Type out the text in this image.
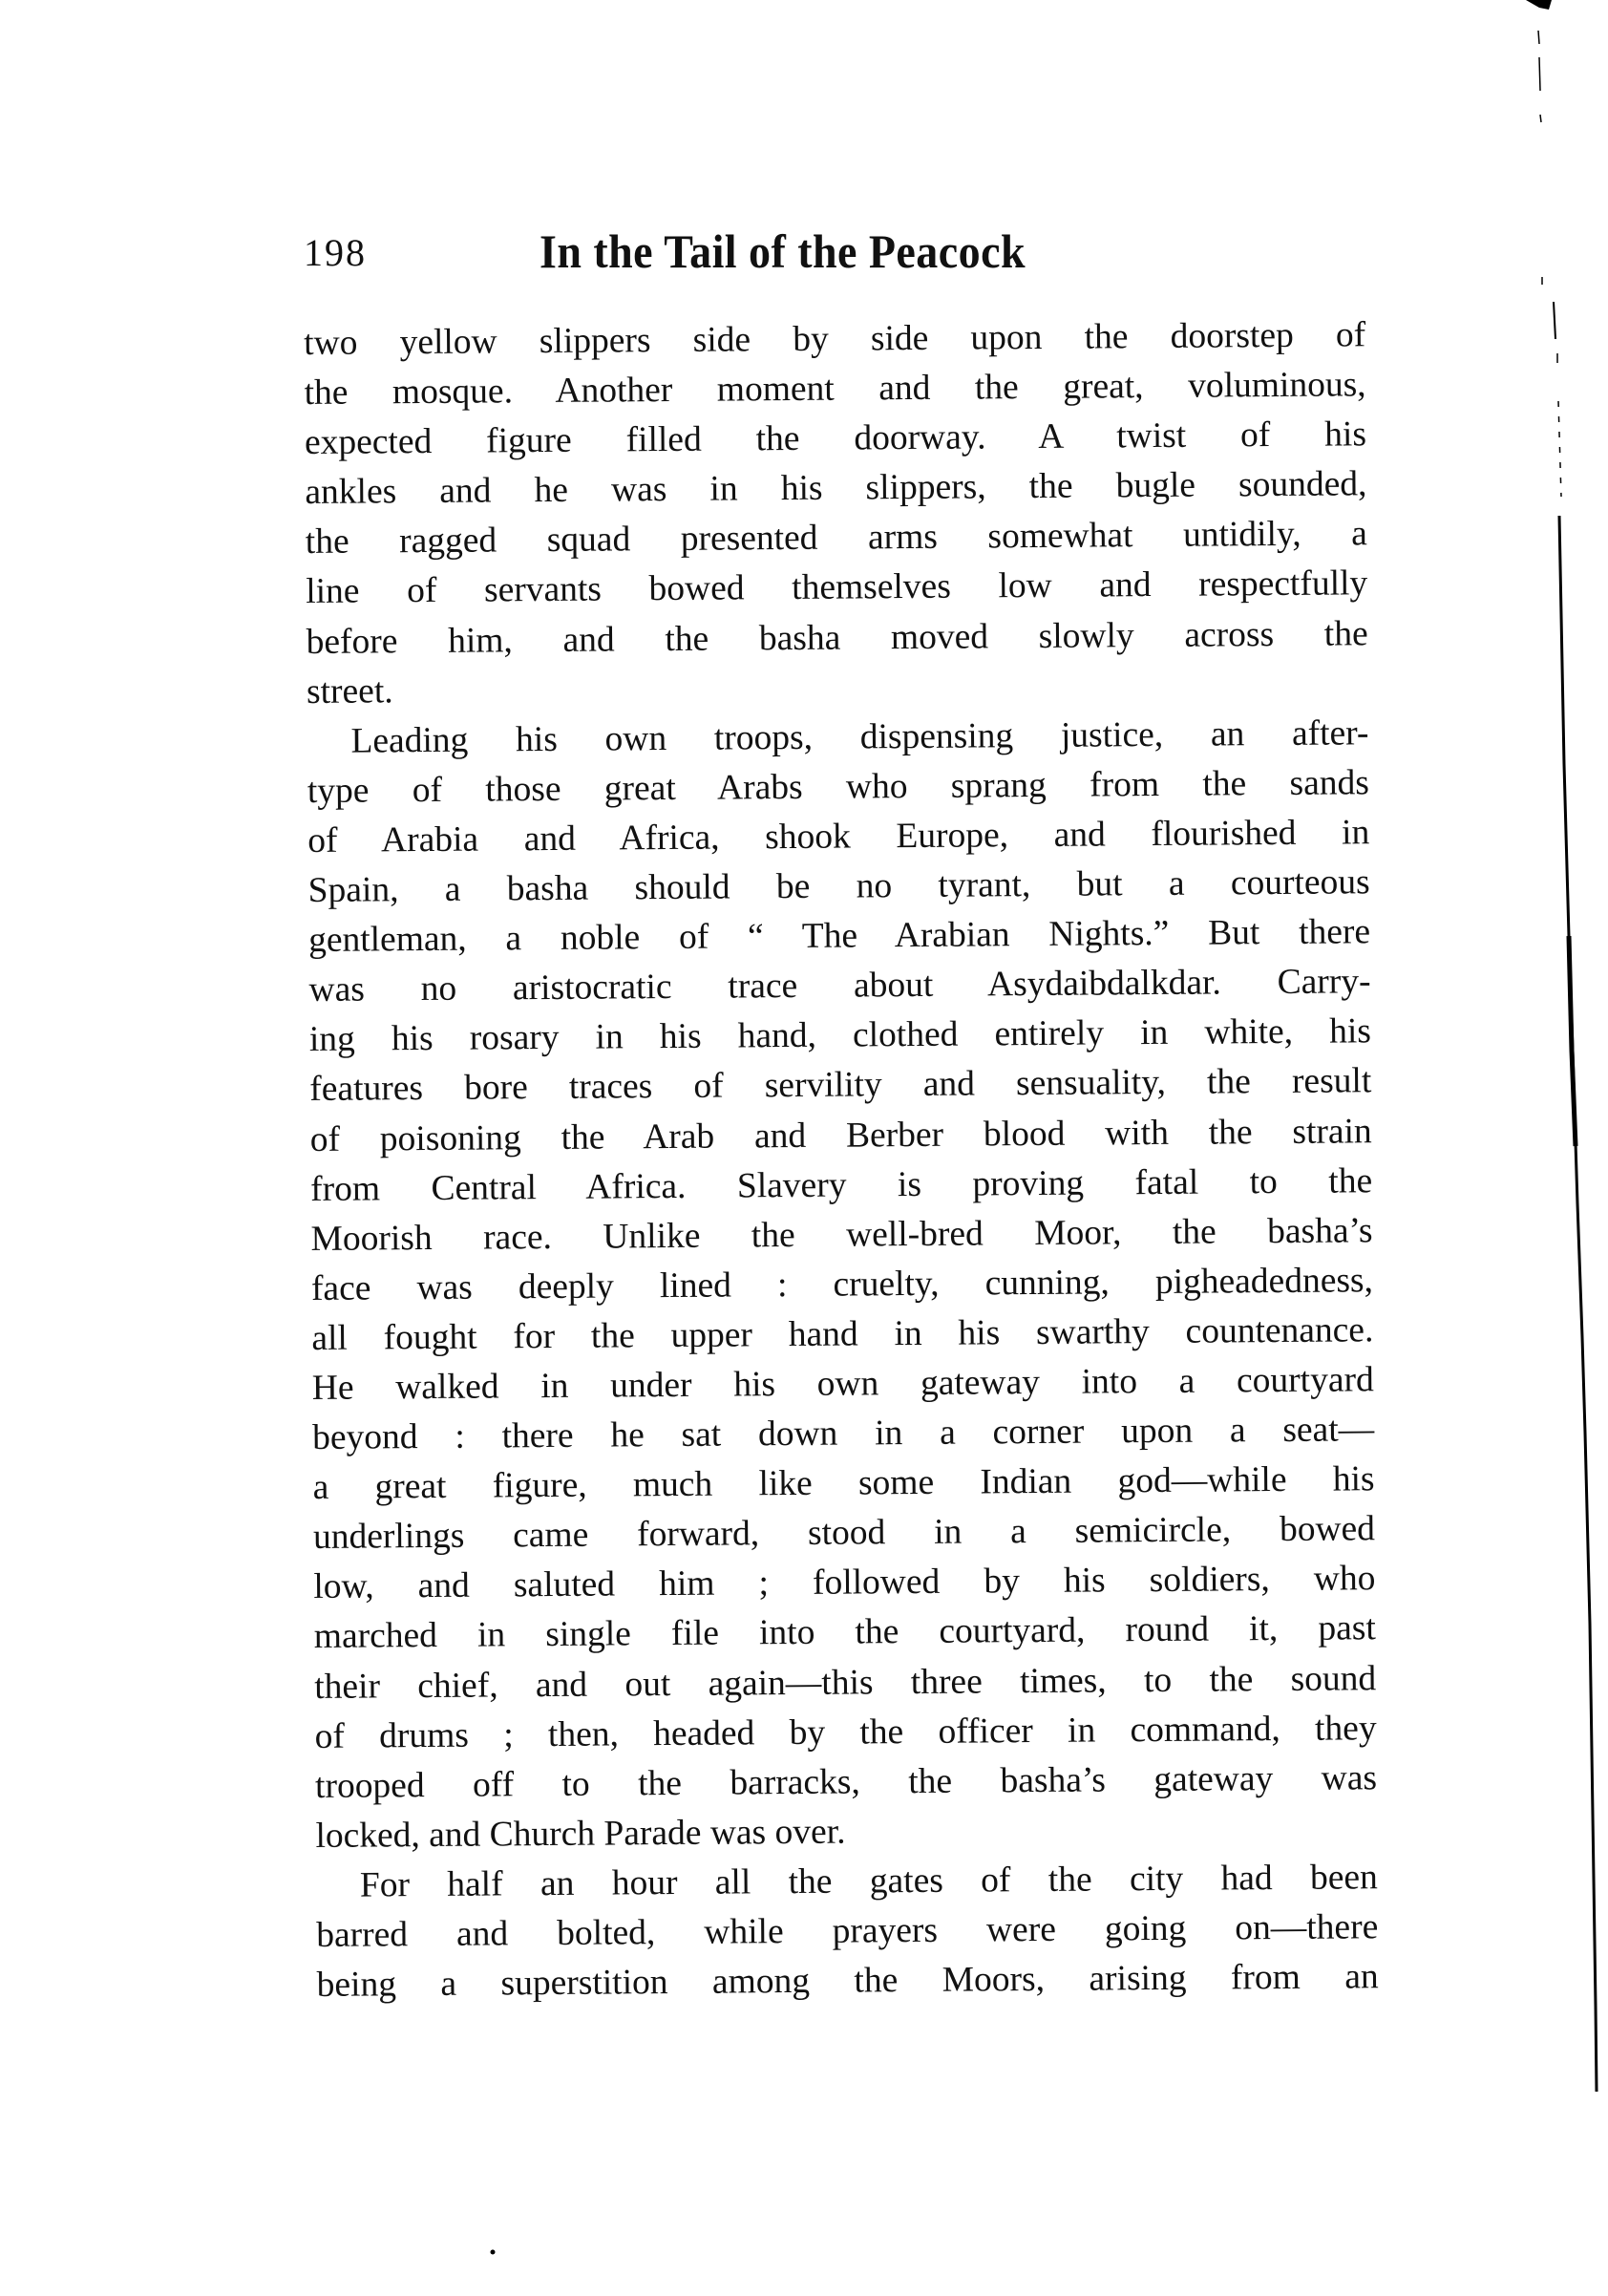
198	In the Tail of the Peacock
two yellow slippers side by side upon the doorstep of
the mosque. Another moment and the great, voluminous,
expected figure filled the doorway. A twist of his
ankles and he was in his slippers, the bugle sounded,
the ragged squad presented arms somewhat untidily, a
line of servants bowed themselves low and respectfully
before him, and the basha moved slowly across the
street.
Leading his own troops, dispensing justice, an after-
type of those great Arabs who sprang from the sands
of Arabia and Africa, shook Europe, and flourished in
Spain, a basha should be no tyrant, but a courteous
gentleman, a noble of “ The Arabian Nights.” But there
was no aristocratic trace about Asydaibdalkdar. Carry-
ing his rosary in his hand, clothed entirely in white, his
features bore traces of servility and sensuality, the result
of poisoning the Arab and Berber blood with the strain
from Central Africa. Slavery is proving fatal to the
Moorish race. Unlike the well-bred Moor, the basha’s
face was deeply lined : cruelty, cunning, pigheadedness,
all fought for the upper hand in his swarthy countenance.
He walked in under his own gateway into a courtyard
beyond : there he sat down in a corner upon a seat—
a great figure, much like some Indian god—while his
underlings came forward, stood in a semicircle, bowed
low, and saluted him ; followed by his soldiers, who
marched in single file into the courtyard, round it, past
their chief, and out again—this three times, to the sound
of drums ; then, headed by the officer in command, they
trooped off to the barracks, the basha’s gateway was
locked, and Church Parade was over.
For half an hour all the gates of the city had been
barred and bolted, while prayers were going on—there
being a superstition among the Moors, arising from an
